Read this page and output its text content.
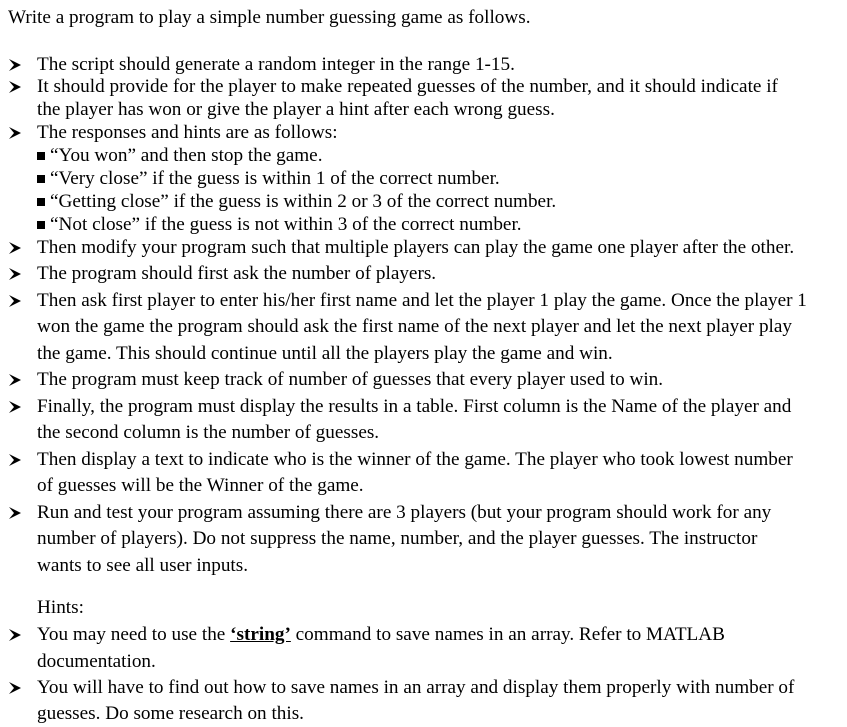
Write a program to play a simple number guessing game as follows.
The script should generate a random integer in the range 1-15.
It should provide for the player to make repeated guesses of the number, and it should indicate if
the player has won or give the player a hint after each wrong guess.
The responses and hints are as follows:
“You won” and then stop the game.
“Very close” if the guess is within 1 of the correct number.
“Getting close” if the guess is within 2 or 3 of the correct number.
“Not close” if the guess is not within 3 of the correct number.
Then modify your program such that multiple players can play the game one player after the other.
The program should first ask the number of players.
Then ask first player to enter his/her first name and let the player 1 play the game. Once the player 1
won the game the program should ask the first name of the next player and let the next player play
the game. This should continue until all the players play the game and win.
The program must keep track of number of guesses that every player used to win.
Finally, the program must display the results in a table. First column is the Name of the player and
the second column is the number of guesses.
Then display a text to indicate who is the winner of the game. The player who took lowest number
of guesses will be the Winner of the game.
Run and test your program assuming there are 3 players (but your program should work for any
number of players). Do not suppress the name, number, and the player guesses. The instructor
wants to see all user inputs.
Hints:
You may need to use the ‘string’ command to save names in an array. Refer to MATLAB
documentation.
You will have to find out how to save names in an array and display them properly with number of
guesses. Do some research on this.
